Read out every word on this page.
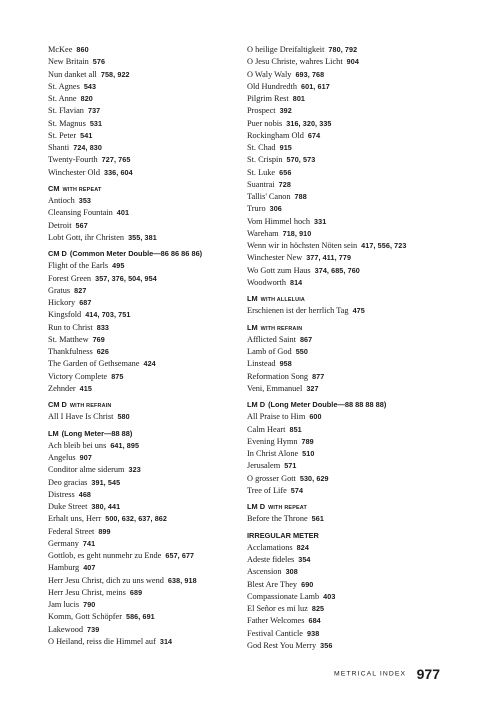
McKee 860
New Britain 576
Nun danket all 758, 922
St. Agnes 543
St. Anne 820
St. Flavian 737
St. Magnus 531
St. Peter 541
Shanti 724, 830
Twenty-Fourth 727, 765
Winchester Old 336, 604
CM WITH REPEAT
Antioch 353
Cleansing Fountain 401
Detroit 567
Lobt Gott, ihr Christen 355, 381
CM D (Common Meter Double—86 86 86 86)
Flight of the Earls 495
Forest Green 357, 376, 504, 954
Gratus 827
Hickory 687
Kingsfold 414, 703, 751
Run to Christ 833
St. Matthew 769
Thankfulness 626
The Garden of Gethsemane 424
Victory Complete 875
Zehnder 415
CM D WITH REFRAIN
All I Have Is Christ 580
LM (Long Meter—88 88)
Ach bleib bei uns 641, 895
Angelus 907
Conditor alme siderum 323
Deo gracias 391, 545
Distress 468
Duke Street 380, 441
Erhalt uns, Herr 500, 632, 637, 862
Federal Street 899
Germany 741
Gottlob, es geht nunmehr zu Ende 657, 677
Hamburg 407
Herr Jesu Christ, dich zu uns wend 638, 918
Herr Jesu Christ, meins 689
Jam lucis 790
Komm, Gott Schöpfer 586, 691
Lakewood 739
O Heiland, reiss die Himmel auf 314
O heilige Dreifaltigkeit 780, 792
O Jesu Christe, wahres Licht 904
O Waly Waly 693, 768
Old Hundredth 601, 617
Pilgrim Rest 801
Prospect 392
Puer nobis 316, 320, 335
Rockingham Old 674
St. Chad 915
St. Crispin 570, 573
St. Luke 656
Suantrai 728
Tallis' Canon 788
Truro 306
Vom Himmel hoch 331
Wareham 718, 910
Wenn wir in höchsten Nöten sein 417, 556, 723
Winchester New 377, 411, 779
Wo Gott zum Haus 374, 685, 760
Woodworth 814
LM WITH ALLELUIA
Erschienen ist der herrlich Tag 475
LM WITH REFRAIN
Afflicted Saint 867
Lamb of God 550
Linstead 958
Reformation Song 877
Veni, Emmanuel 327
LM D (Long Meter Double—88 88 88 88)
All Praise to Him 600
Calm Heart 851
Evening Hymn 789
In Christ Alone 510
Jerusalem 571
O grosser Gott 530, 629
Tree of Life 574
LM D WITH REPEAT
Before the Throne 561
IRREGULAR METER
Acclamations 824
Adeste fideles 354
Ascension 308
Blest Are They 690
Compassionate Lamb 403
El Señor es mi luz 825
Father Welcomes 684
Festival Canticle 938
God Rest You Merry 356
METRICAL INDEX 977
